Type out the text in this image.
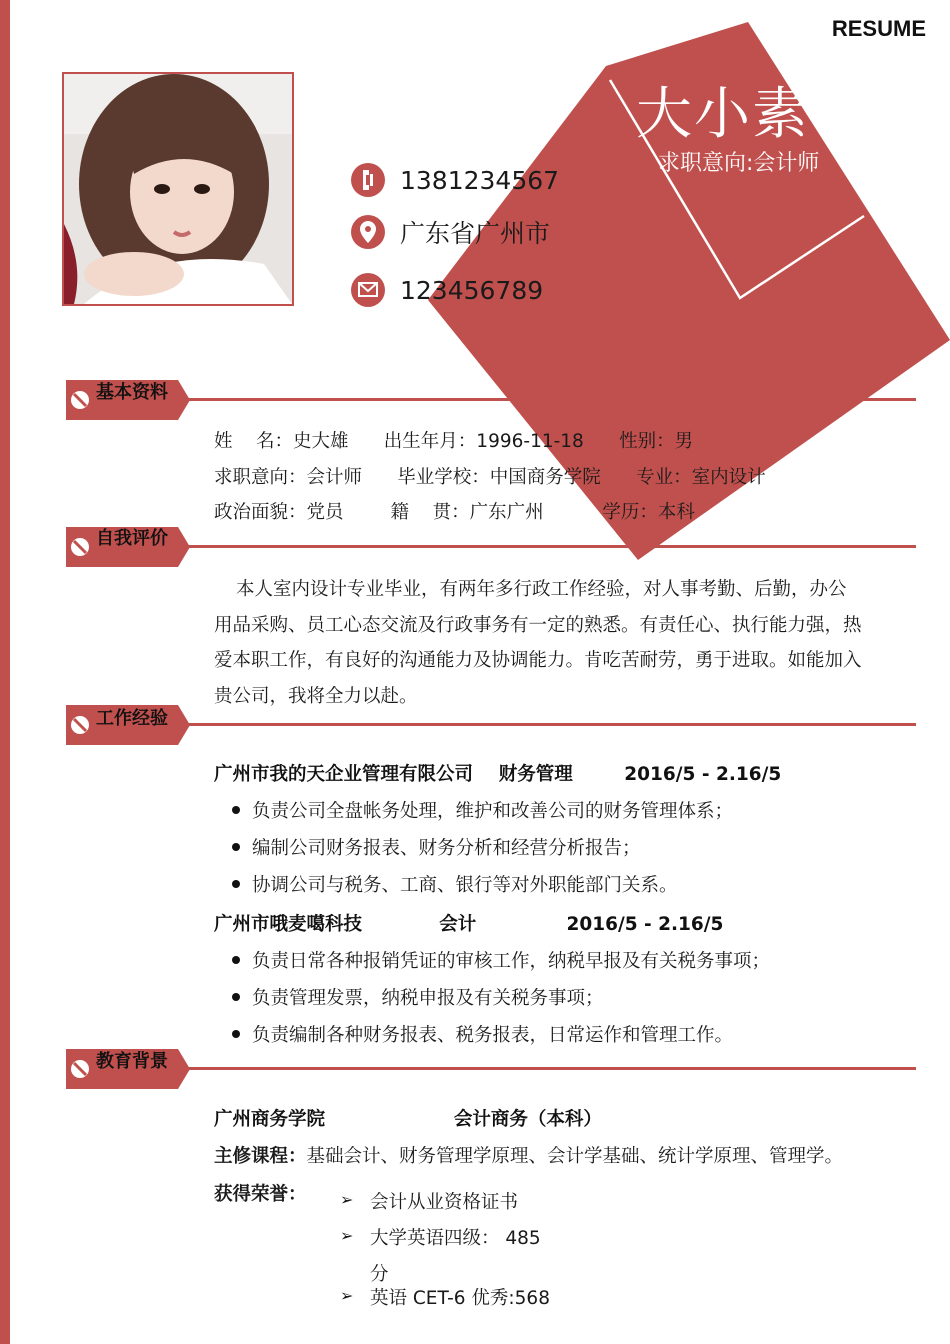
RESUME
大小素
求职意向:会计师
1381234567
广东省广州市
123456789
基本资料
姓    名：史大雄      出生年月：1996-11-18      性别：男
求职意向：会计师      毕业学校：中国商务学院      专业：室内设计
政治面貌：党员        籍    贯：广东广州          学历：本科
自我评价
本人室内设计专业毕业，有两年多行政工作经验，对人事考勤、后勤，办公用品采购、员工心态交流及行政事务有一定的熟悉。有责任心、执行能力强，热爱本职工作，有良好的沟通能力及协调能力。肯吃苦耐劳，勇于进取。如能加入贵公司，我将全力以赴。
工作经验
广州市我的天企业管理有限公司    财务管理        2016/5 - 2.16/5
负责公司全盘帐务处理，维护和改善公司的财务管理体系；
编制公司财务报表、财务分析和经营分析报告；
协调公司与税务、工商、银行等对外职能部门关系。
广州市哦麦噶科技            会计              2016/5 - 2.16/5
负责日常各种报销凭证的审核工作，纳税早报及有关税务事项；
负责管理发票，纳税申报及有关税务事项；
负责编制各种财务报表、税务报表，日常运作和管理工作。
教育背景
广州商务学院                    会计商务（本科）
主修课程：基础会计、财务管理学原理、会计学基础、统计学原理、管理学。
获得荣誉： ➢ 会计从业资格证书
➢ 大学英语四级： 485
分
➢ 英语 CET-6 优秀:568
